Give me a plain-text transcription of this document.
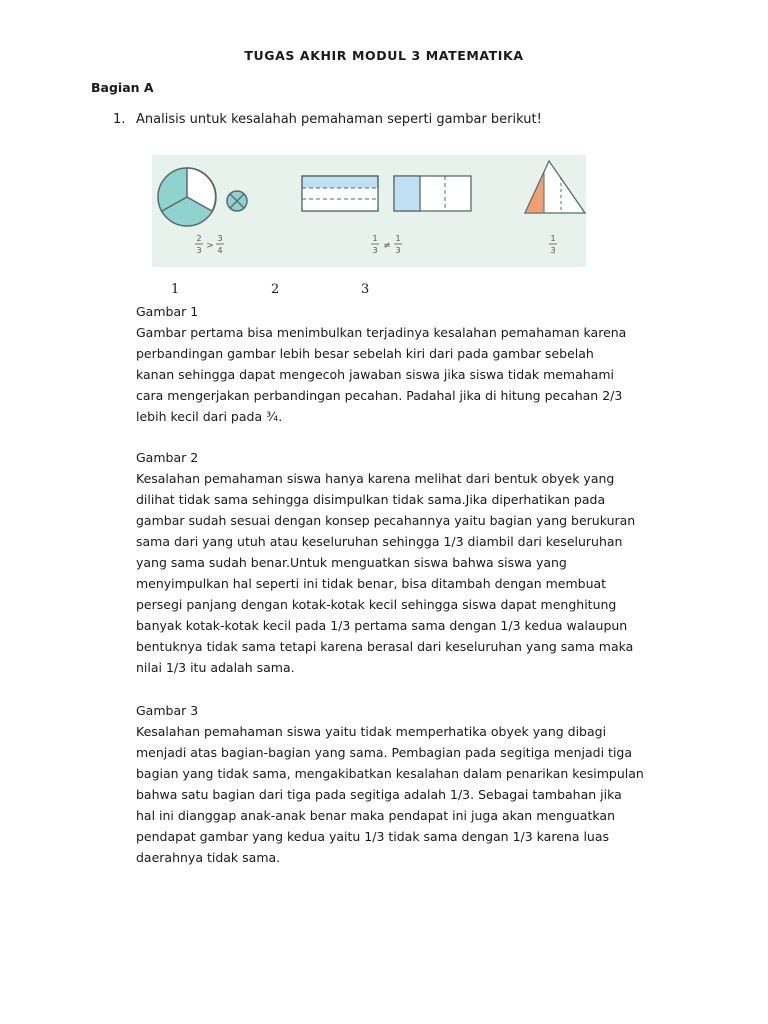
TUGAS AKHIR MODUL 3 MATEMATIKA
Bagian A
1. Analisis untuk kesalahah pemahaman seperti gambar berikut!
2
3 >
3
4
1
3 ≠
1
3
1
3
1	2	3

Gambar 1

Gambar pertama bisa menimbulkan terjadinya kesalahan pemahaman karena

perbandingan gambar lebih besar sebelah kiri dari pada gambar sebelah

kanan sehingga dapat mengecoh jawaban siswa jika siswa tidak memahami

cara mengerjakan perbandingan pecahan. Padahal jika di hitung pecahan 2/3

lebih kecil dari pada ¾.

Gambar 2

Kesalahan pemahaman siswa hanya karena melihat dari bentuk obyek yang

dilihat tidak sama sehingga disimpulkan tidak sama.Jika diperhatikan pada

gambar sudah sesuai dengan konsep pecahannya yaitu bagian yang berukuran

sama dari yang utuh atau keseluruhan sehingga 1/3 diambil dari keseluruhan

yang sama sudah benar.Untuk menguatkan siswa bahwa siswa yang

menyimpulkan hal seperti ini tidak benar, bisa ditambah dengan membuat

persegi panjang dengan kotak-kotak kecil sehingga siswa dapat menghitung

banyak kotak-kotak kecil pada 1/3 pertama sama dengan 1/3 kedua walaupun

bentuknya tidak sama tetapi karena berasal dari keseluruhan yang sama maka

nilai 1/3 itu adalah sama.

Gambar 3

Kesalahan pemahaman siswa yaitu tidak memperhatika obyek yang dibagi

menjadi atas bagian-bagian yang sama. Pembagian pada segitiga menjadi tiga

bagian yang tidak sama, mengakibatkan kesalahan dalam penarikan kesimpulan

bahwa satu bagian dari tiga pada segitiga adalah 1/3. Sebagai tambahan jika

hal ini dianggap anak-anak benar maka pendapat ini juga akan menguatkan

pendapat gambar yang kedua yaitu 1/3 tidak sama dengan 1/3 karena luas

daerahnya tidak sama.
